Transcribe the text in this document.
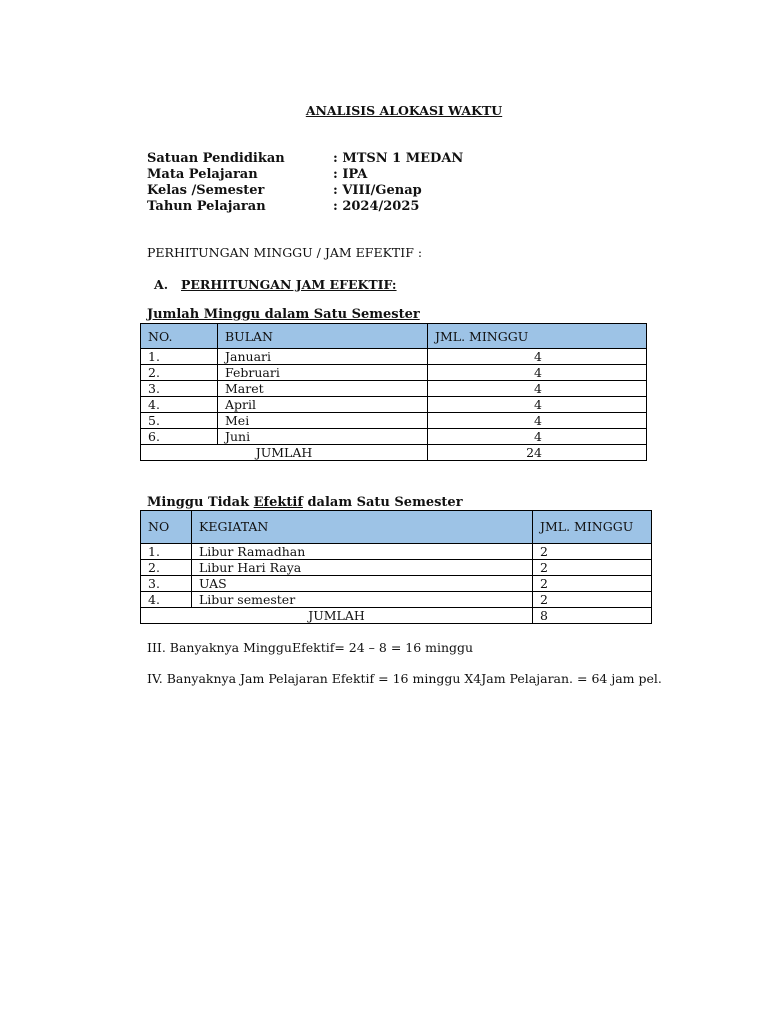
ANALISIS ALOKASI WAKTU
Satuan Pendidikan	: MTSN 1 MEDAN
Mata Pelajaran	: IPA
Kelas /Semester	: VIII/Genap
Tahun Pelajaran	: 2024/2025
PERHITUNGAN MINGGU / JAM EFEKTIF :
A. PERHITUNGAN JAM EFEKTIF:
Jumlah Minggu dalam Satu Semester
NO.	BULAN	JML. MINGGU
1.	Januari	4
2.	Februari	4
3.	Maret	4
4.	April	4
5.	Mei	4
6.	Juni	4
JUMLAH		24
Minggu Tidak Efektif dalam Satu Semester
NO	KEGIATAN	JML. MINGGU
1.	Libur Ramadhan	2
2.	Libur Hari Raya	2
3.	UAS	2
4.	Libur semester	2
JUMLAH		8
III. Banyaknya MingguEfektif= 24 – 8 = 16 minggu
IV. Banyaknya Jam Pelajaran Efektif = 16 minggu X4Jam Pelajaran. = 64 jam pel.
